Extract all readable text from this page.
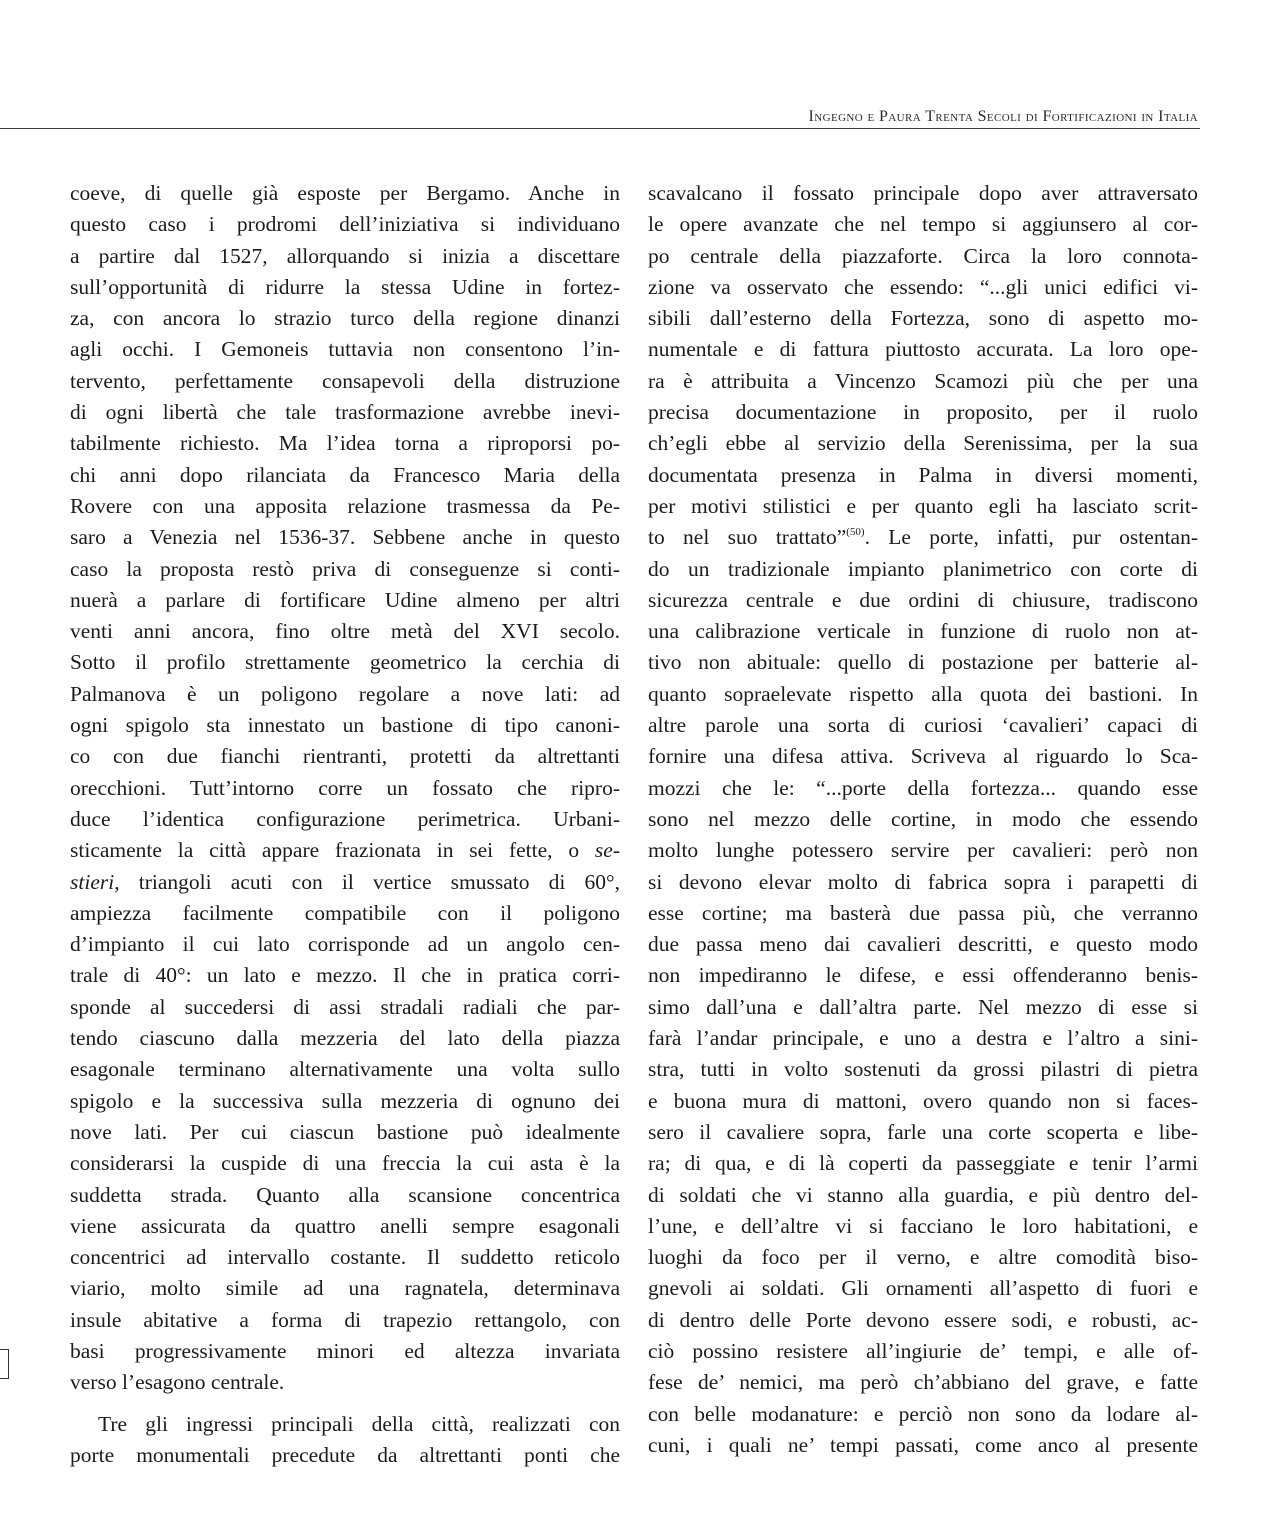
Ingegno e Paura Trenta Secoli di Fortificazioni in Italia
coeve, di quelle già esposte per Bergamo. Anche in
questo caso i prodromi dell’iniziativa si individuano
a partire dal 1527, allorquando si inizia a discettare
sull’opportunità di ridurre la stessa Udine in fortez-
za, con ancora lo strazio turco della regione dinanzi
agli occhi. I Gemoneis tuttavia non consentono l’in-
tervento, perfettamente consapevoli della distruzione
di ogni libertà che tale trasformazione avrebbe inevi-
tabilmente richiesto. Ma l’idea torna a riproporsi po-
chi anni dopo rilanciata da Francesco Maria della
Rovere con una apposita relazione trasmessa da Pe-
saro a Venezia nel 1536-37. Sebbene anche in questo
caso la proposta restò priva di conseguenze si conti-
nuerà a parlare di fortificare Udine almeno per altri
venti anni ancora, fino oltre metà del XVI secolo.
Sotto il profilo strettamente geometrico la cerchia di
Palmanova è un poligono regolare a nove lati: ad
ogni spigolo sta innestato un bastione di tipo canoni-
co con due fianchi rientranti, protetti da altrettanti
orecchioni. Tutt’intorno corre un fossato che ripro-
duce l’identica configurazione perimetrica. Urbani-
sticamente la città appare frazionata in sei fette, o se-
stieri, triangoli acuti con il vertice smussato di 60°,
ampiezza facilmente compatibile con il poligono
d’impianto il cui lato corrisponde ad un angolo cen-
trale di 40°: un lato e mezzo. Il che in pratica corri-
sponde al succedersi di assi stradali radiali che par-
tendo ciascuno dalla mezzeria del lato della piazza
esagonale terminano alternativamente una volta sullo
spigolo e la successiva sulla mezzeria di ognuno dei
nove lati. Per cui ciascun bastione può idealmente
considerarsi la cuspide di una freccia la cui asta è la
suddetta strada. Quanto alla scansione concentrica
viene assicurata da quattro anelli sempre esagonali
concentrici ad intervallo costante. Il suddetto reticolo
viario, molto simile ad una ragnatela, determinava
insule abitative a forma di trapezio rettangolo, con
basi progressivamente minori ed altezza invariata
verso l’esagono centrale.
Tre gli ingressi principali della città, realizzati con
porte monumentali precedute da altrettanti ponti che
scavalcano il fossato principale dopo aver attraversato
le opere avanzate che nel tempo si aggiunsero al cor-
po centrale della piazzaforte. Circa la loro connota-
zione va osservato che essendo: “...gli unici edifici vi-
sibili dall’esterno della Fortezza, sono di aspetto mo-
numentale e di fattura piuttosto accurata. La loro ope-
ra è attribuita a Vincenzo Scamozi più che per una
precisa documentazione in proposito, per il ruolo
ch’egli ebbe al servizio della Serenissima, per la sua
documentata presenza in Palma in diversi momenti,
per motivi stilistici e per quanto egli ha lasciato scrit-
to nel suo trattato”$^{(50)}$. Le porte, infatti, pur ostentan-
do un tradizionale impianto planimetrico con corte di
sicurezza centrale e due ordini di chiusure, tradiscono
una calibrazione verticale in funzione di ruolo non at-
tivo non abituale: quello di postazione per batterie al-
quanto sopraelevate rispetto alla quota dei bastioni. In
altre parole una sorta di curiosi ‘cavalieri’ capaci di
fornire una difesa attiva. Scriveva al riguardo lo Sca-
mozzi che le: “...porte della fortezza... quando esse
sono nel mezzo delle cortine, in modo che essendo
molto lunghe potessero servire per cavalieri: però non
si devono elevar molto di fabrica sopra i parapetti di
esse cortine; ma basterà due passa più, che verranno
due passa meno dai cavalieri descritti, e questo modo
non impediranno le difese, e essi offenderanno benis-
simo dall’una e dall’altra parte. Nel mezzo di esse si
farà l’andar principale, e uno a destra e l’altro a sini-
stra, tutti in volto sostenuti da grossi pilastri di pietra
e buona mura di mattoni, overo quando non si faces-
sero il cavaliere sopra, farle una corte scoperta e libe-
ra; di qua, e di là coperti da passeggiate e tenir l’armi
di soldati che vi stanno alla guardia, e più dentro del-
l’une, e dell’altre vi si facciano le loro habitationi, e
luoghi da foco per il verno, e altre comodità biso-
gnevoli ai soldati. Gli ornamenti all’aspetto di fuori e
di dentro delle Porte devono essere sodi, e robusti, ac-
ciò possino resistere all’ingiurie de’ tempi, e alle of-
fese de’ nemici, ma però ch’abbiano del grave, e fatte
con belle modanature: e perciò non sono da lodare al-
cuni, i quali ne’ tempi passati, come anco al presente
